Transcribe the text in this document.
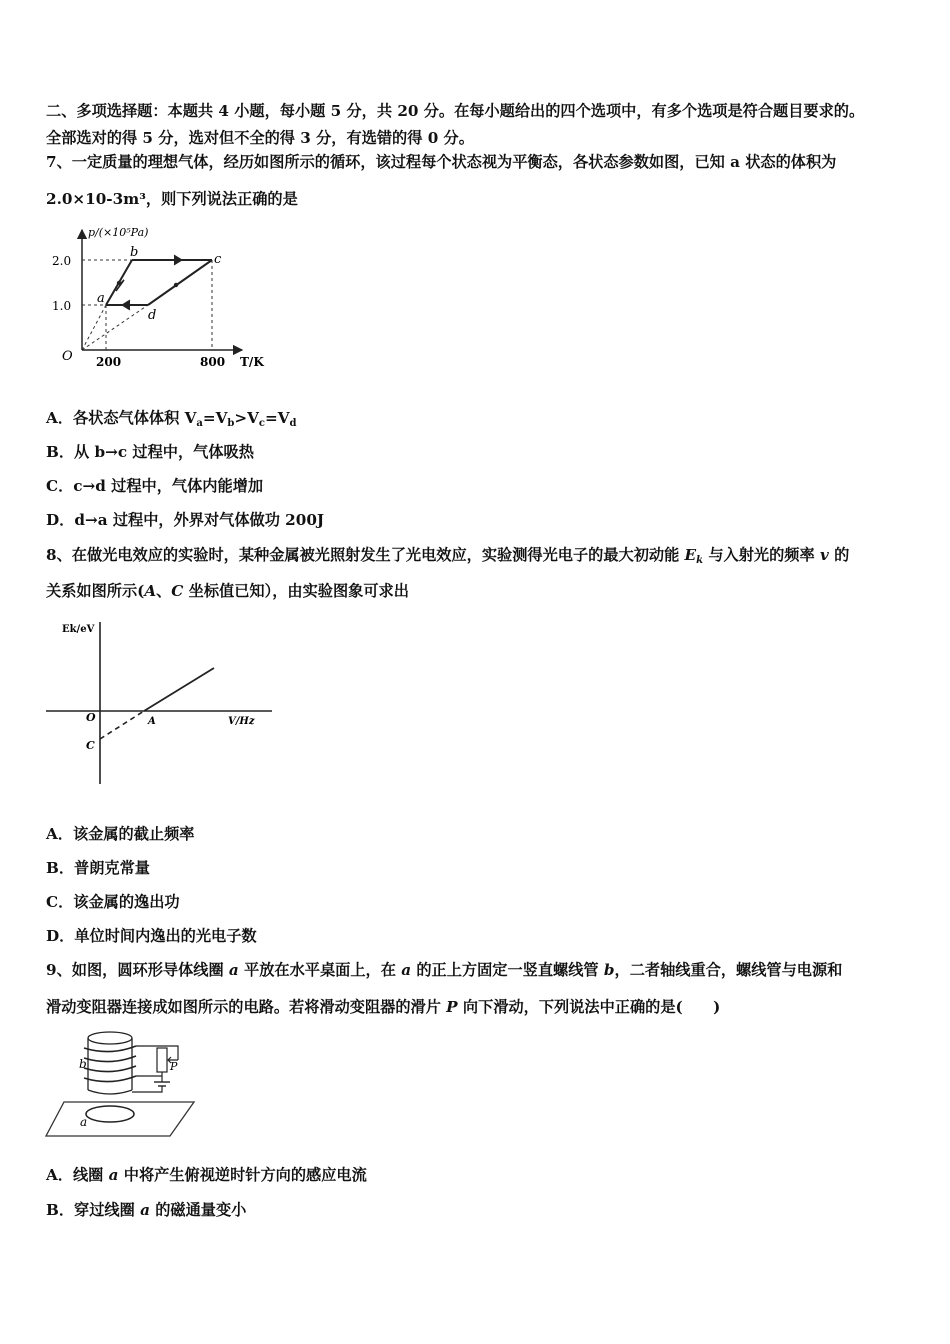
二、多项选择题：本题共 4 小题，每小题 5 分，共 20 分。在每小题给出的四个选项中，有多个选项是符合题目要求的。
全部选对的得 5 分，选对但不全的得 3 分，有选错的得 0 分。
7、一定质量的理想气体，经历如图所示的循环，该过程每个状态视为平衡态，各状态参数如图，已知 a 状态的体积为
2.0×10-3m³，则下列说法正确的是
p/(×10⁵Pa)
T/K
O
2.0
1.0
200	800
a
b	c
d
A．各状态气体体积 $V_a=V_b>V_c=V_d$
B．从 b→c 过程中，气体吸热
C．c→d 过程中，气体内能增加
D．d→a 过程中，外界对气体做功 200J
8、在做光电效应的实验时，某种金属被光照射发生了光电效应，实验测得光电子的最大初动能 $E_k$ 与入射光的频率 v 的
关系如图所示(A、C 坐标值已知），由实验图象可求出
Ek/eV
V/Hz
O	A
C
A．该金属的截止频率
B．普朗克常量
C．该金属的逸出功
D．单位时间内逸出的光电子数
9、如图，圆环形导体线圈 a 平放在水平桌面上，在 a 的正上方固定一竖直螺线管 b，二者轴线重合，螺线管与电源和
滑动变阻器连接成如图所示的电路。若将滑动变阻器的滑片 P 向下滑动，下列说法中正确的是(　　)
b	P
a
A．线圈 a 中将产生俯视逆时针方向的感应电流
B．穿过线圈 a 的磁通量变小
